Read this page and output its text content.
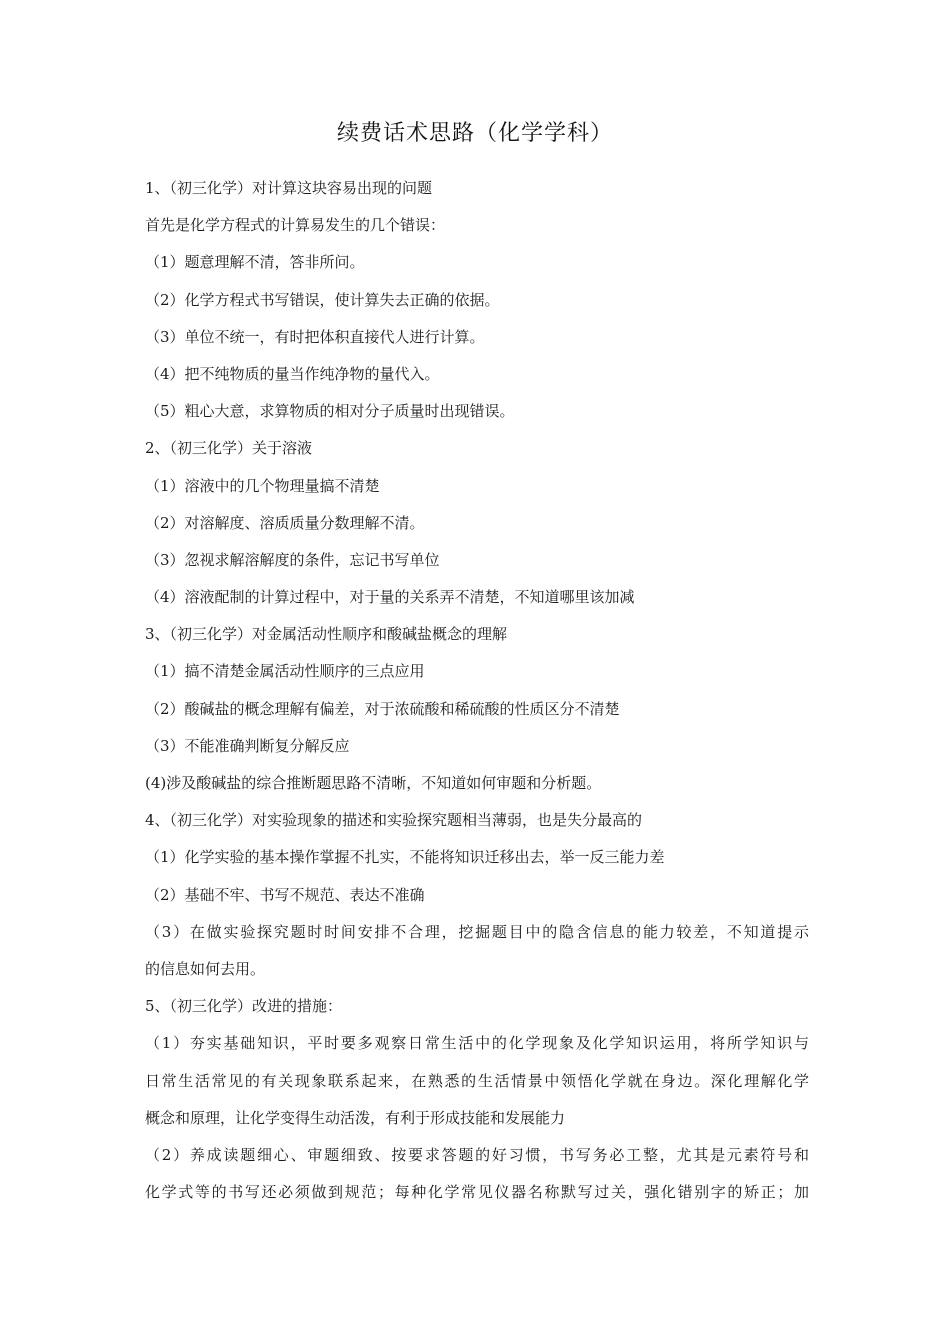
续费话术思路（化学学科）
1、（初三化学）对计算这块容易出现的问题
首先是化学方程式的计算易发生的几个错误：
（1）题意理解不清，答非所问。
（2）化学方程式书写错误，使计算失去正确的依据。
（3）单位不统一，有时把体积直接代人进行计算。
（4）把不纯物质的量当作纯净物的量代入。
（5）粗心大意，求算物质的相对分子质量时出现错误。
2、（初三化学）关于溶液
（1）溶液中的几个物理量搞不清楚
（2）对溶解度、溶质质量分数理解不清。
（3）忽视求解溶解度的条件，忘记书写单位
（4）溶液配制的计算过程中，对于量的关系弄不清楚，不知道哪里该加减
3、（初三化学）对金属活动性顺序和酸碱盐概念的理解
（1）搞不清楚金属活动性顺序的三点应用
（2）酸碱盐的概念理解有偏差，对于浓硫酸和稀硫酸的性质区分不清楚
（3）不能准确判断复分解反应
(4)涉及酸碱盐的综合推断题思路不清晰，不知道如何审题和分析题。
4、（初三化学）对实验现象的描述和实验探究题相当薄弱，也是失分最高的
（1）化学实验的基本操作掌握不扎实，不能将知识迁移出去，举一反三能力差
（2）基础不牢、书写不规范、表达不准确
（3）在做实验探究题时时间安排不合理，挖掘题目中的隐含信息的能力较差，不知道提示
的信息如何去用。
5、（初三化学）改进的措施：
（1）夯实基础知识，平时要多观察日常生活中的化学现象及化学知识运用，将所学知识与
日常生活常见的有关现象联系起来，在熟悉的生活情景中领悟化学就在身边。深化理解化学
概念和原理，让化学变得生动活泼，有利于形成技能和发展能力
（2）养成读题细心、审题细致、按要求答题的好习惯，书写务必工整，尤其是元素符号和
化学式等的书写还必须做到规范；每种化学常见仪器名称默写过关，强化错别字的矫正；加
